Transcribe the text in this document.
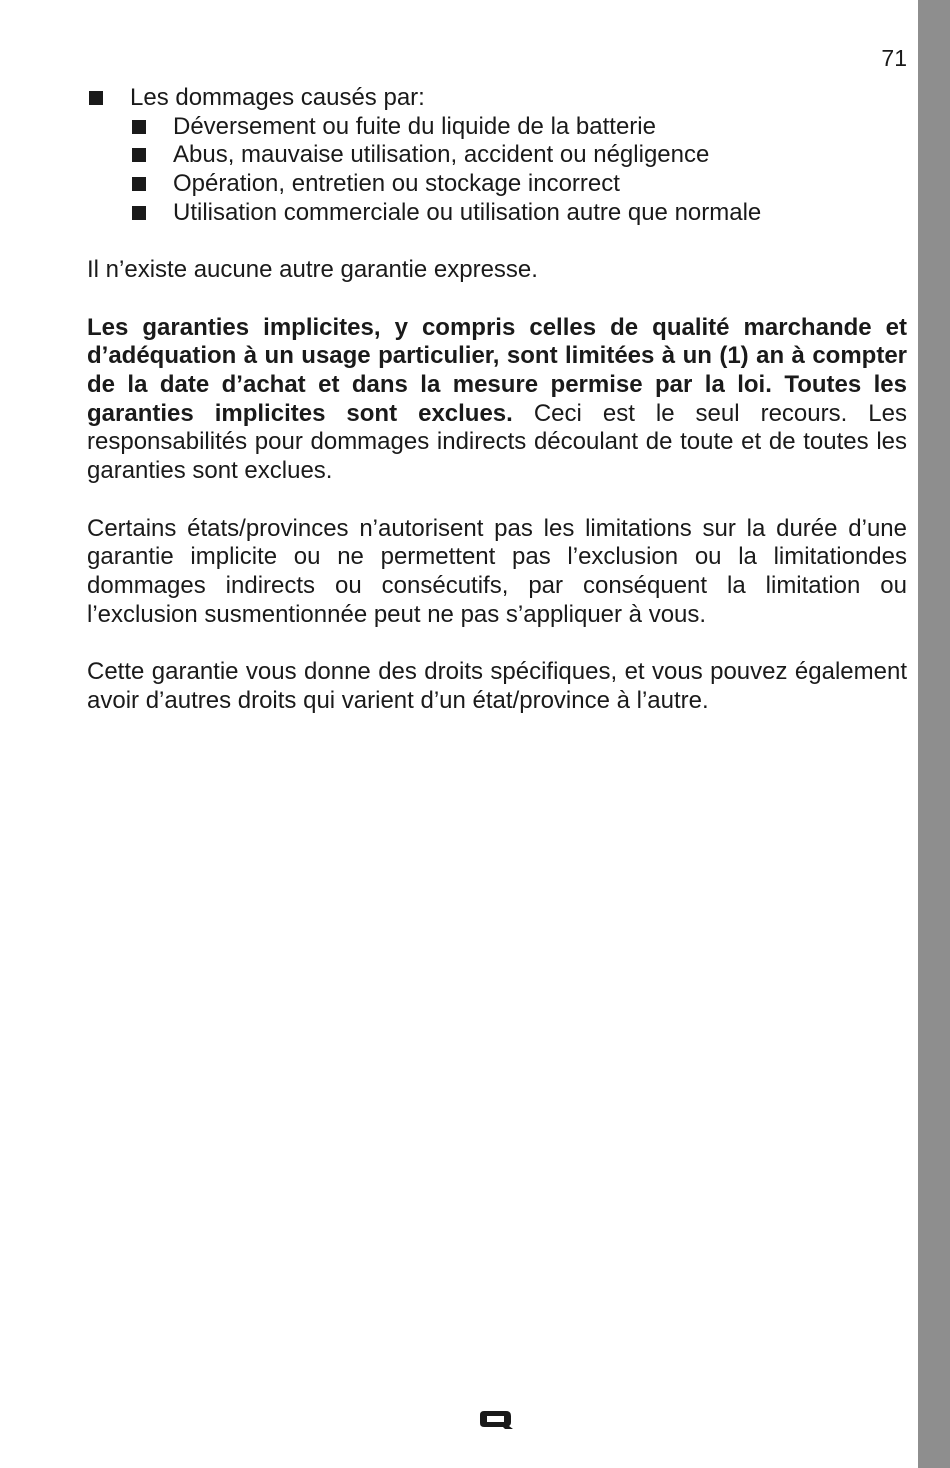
71
Les dommages causés par:
Déversement ou fuite du liquide de la batterie
Abus, mauvaise utilisation, accident ou négligence
Opération, entretien ou stockage incorrect
Utilisation commerciale ou utilisation autre que normale

Il n’existe aucune autre garantie expresse.

Les garanties implicites, y compris celles de qualité marchande et d’adéquation à un usage particulier, sont limitées à un (1) an à compter de la date d’achat et dans la mesure permise par la loi. Toutes les garanties implicites sont exclues. Ceci est le seul recours. Les responsabilités pour dommages indirects découlant de toute et de toutes les garanties sont exclues.

Certains états/provinces n’autorisent pas les limitations sur la durée d’une garantie implicite ou ne permettent pas l’exclusion ou la limitationdes dommages indirects ou consécutifs, par conséquent la limitation ou l’exclusion susmentionnée peut ne pas s’appliquer à vous.

Cette garantie vous donne des droits spécifiques, et vous pouvez également avoir d’autres droits qui varient d’un état/province à l’autre.
